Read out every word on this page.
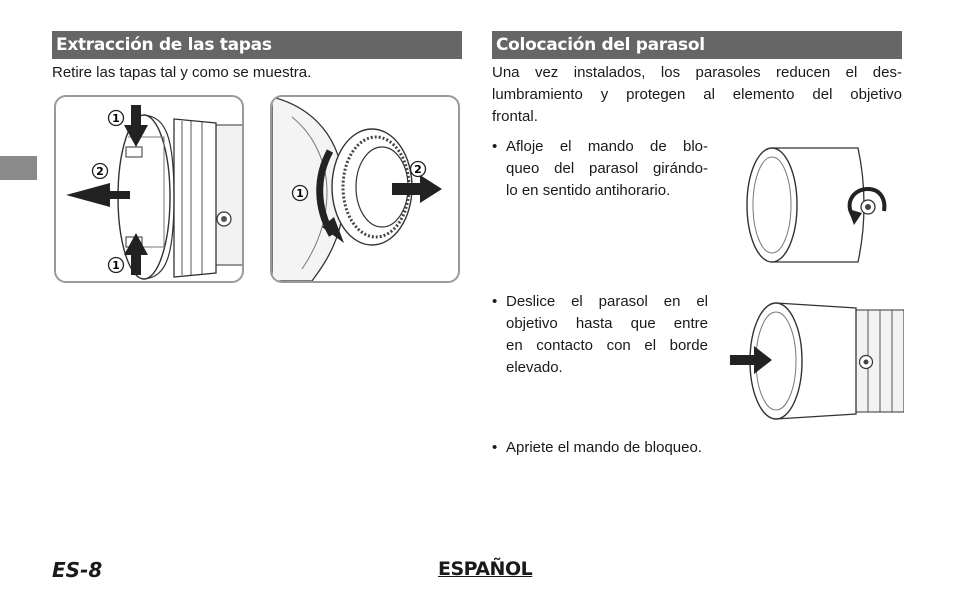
Extracción de las tapas	Colocación del parasol
Retire las tapas tal y como se muestra.
1
2
1
1
2
Una vez instalados, los parasoles reducen el des-
lumbramiento y protegen al elemento del objetivo
frontal.
• Afloje el mando de blo-
queo del parasol girándo-
lo en sentido antihorario.
• Deslice el parasol en el
objetivo hasta que entre
en contacto con el borde
elevado.
• Apriete el mando de bloqueo.
ES-8	ESPAÑOL
